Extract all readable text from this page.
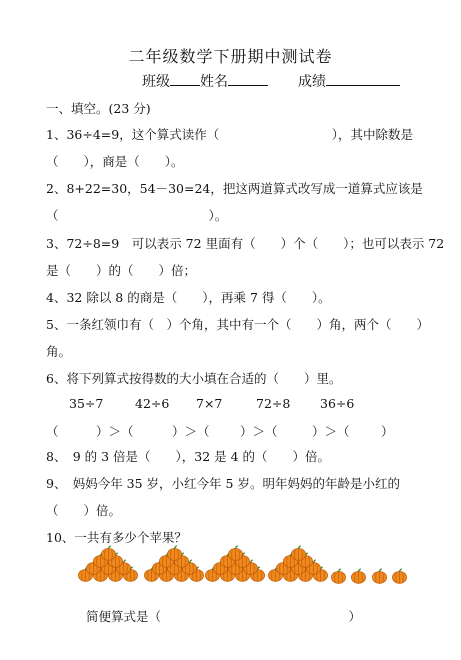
二年级数学下册期中测试卷
班级	姓名	成绩
一、填空。(23 分)
1、36÷4=9，这个算式读作（　　　　　　　　　），其中除数是
（　　），商是（　　）。
2、8+22=30，54－30=24，把这两道算式改写成一道算式应该是
（　　　　　　　　　　　　）。
3、72÷8=9　可以表示 72 里面有（　　）个（　　）；也可以表示 72
是（　　）的（　　）倍；
4、32 除以 8 的商是（　　），再乘 7 得（　　）。
5、一条红领巾有（　）个角，其中有一个（　　）角，两个（　　）
角。
6、将下列算式按得数的大小填在合适的（　　）里。
35÷7	42÷6 7×7	72÷8 36÷6
（　　　）＞（	）＞（ ）＞（	）＞（	）
8、　9 的 3 倍是（　　），32 是 4 的（　　）倍。
9、　妈妈今年 35 岁，小红今年 5 岁。明年妈妈的年龄是小红的
（　　）倍。
10、一共有多少个苹果？
简便算式是（　　　　　　　　　　　　　　　）
